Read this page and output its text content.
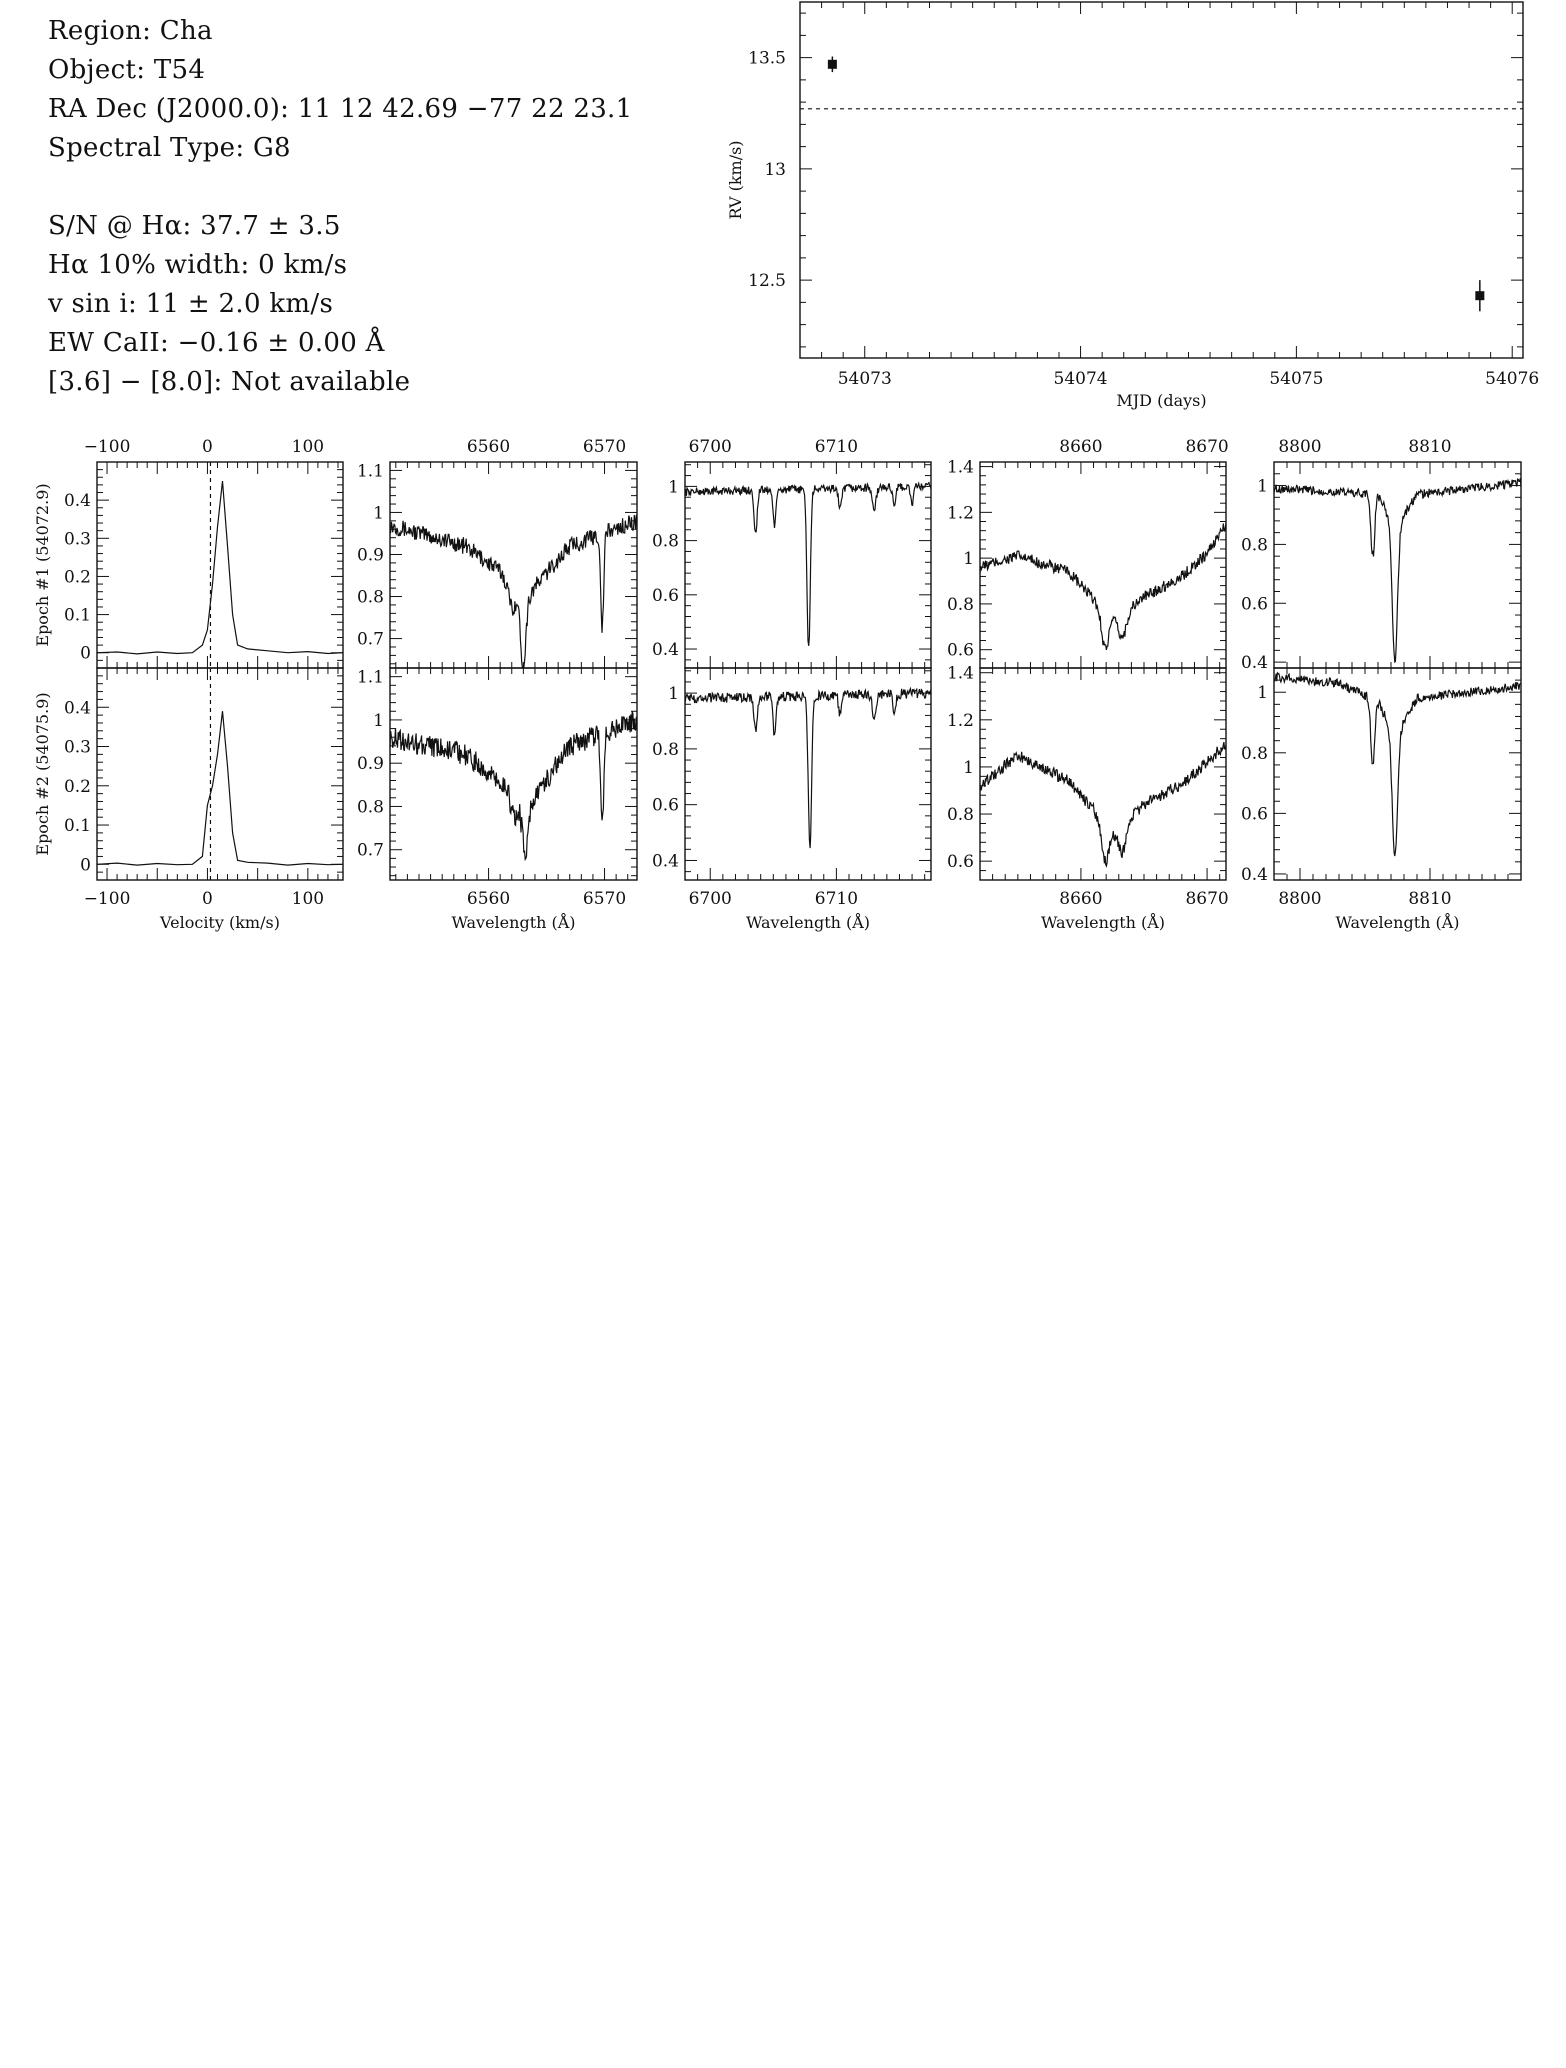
Region: Cha
Object: T54
RA Dec (J2000.0): 11 12 42.69 −77 22 23.1
Spectral Type: G8
S/N @ Hα: 37.7 ± 3.5
Hα 10% width: 0 km/s
v sin i: 11 ± 2.0 km/s
EW CaII: −0.16 ± 0.00 Å
[3.6] − [8.0]: Not available	54073	54074	54075	54076
12.5
13
13.5
MJD (days)
RV (km/s)
0
0.1
0.2
0.3
0.4
Epoch #1 (54072.9)
0
0.1
0.2
0.3
0.4
Epoch #2 (54075.9)
−100	0	100
−100	0	100
Velocity (km/s)
0.7
0.8
0.9
1
1.1
0.7
0.8
0.9
1
1.1
6560	6570
6560	6570
Wavelength (Å)
0.4
0.6
0.8
1
0.4
0.6
0.8
1
6700	6710
6700	6710
Wavelength (Å)
0.6
0.8
1
1.2
1.4
0.6
0.8
1
1.2
1.4
8660	8670
8660	8670
Wavelength (Å)
0.4
0.6
0.8
1
0.4
0.6
0.8
1
8800	8810
8800	8810
Wavelength (Å)
